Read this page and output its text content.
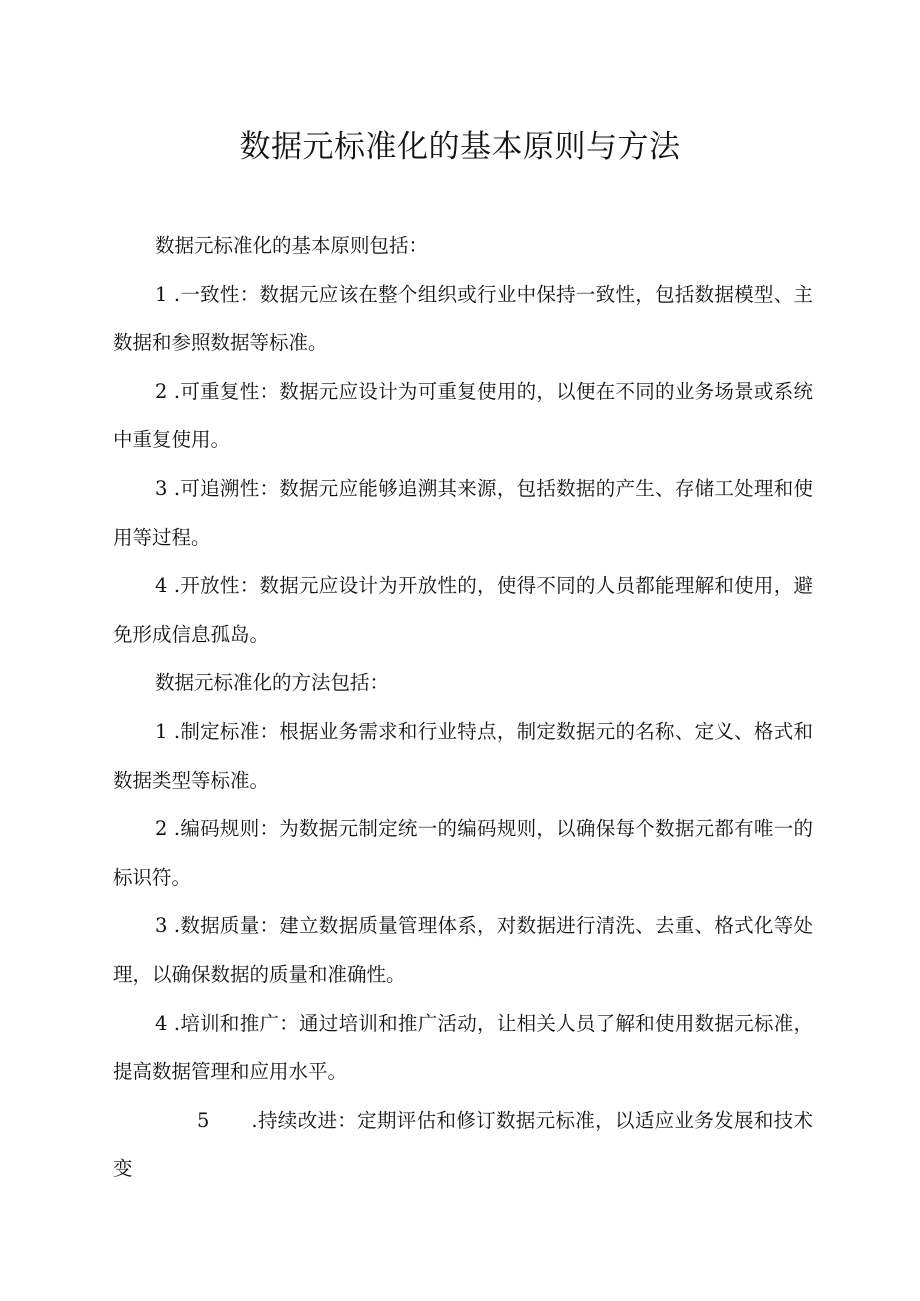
数据元标准化的基本原则与方法

数据元标准化的基本原则包括：

1 .一致性：数据元应该在整个组织或行业中保持一致性，包括数据模型、主数据和参照数据等标准。

2 .可重复性：数据元应设计为可重复使用的，以便在不同的业务场景或系统中重复使用。

3 .可追溯性：数据元应能够追溯其来源，包括数据的产生、存储工处理和使用等过程。

4 .开放性：数据元应设计为开放性的，使得不同的人员都能理解和使用，避免形成信息孤岛。

数据元标准化的方法包括：

1 .制定标准：根据业务需求和行业特点，制定数据元的名称、定义、格式和数据类型等标准。

2 .编码规则：为数据元制定统一的编码规则，以确保每个数据元都有唯一的标识符。

3 .数据质量：建立数据质量管理体系，对数据进行清洗、去重、格式化等处理，以确保数据的质量和准确性。

4 .培训和推广：通过培训和推广活动，让相关人员了解和使用数据元标准，提高数据管理和应用水平。

5 .持续改进：定期评估和修订数据元标准，以适应业务发展和技术变
